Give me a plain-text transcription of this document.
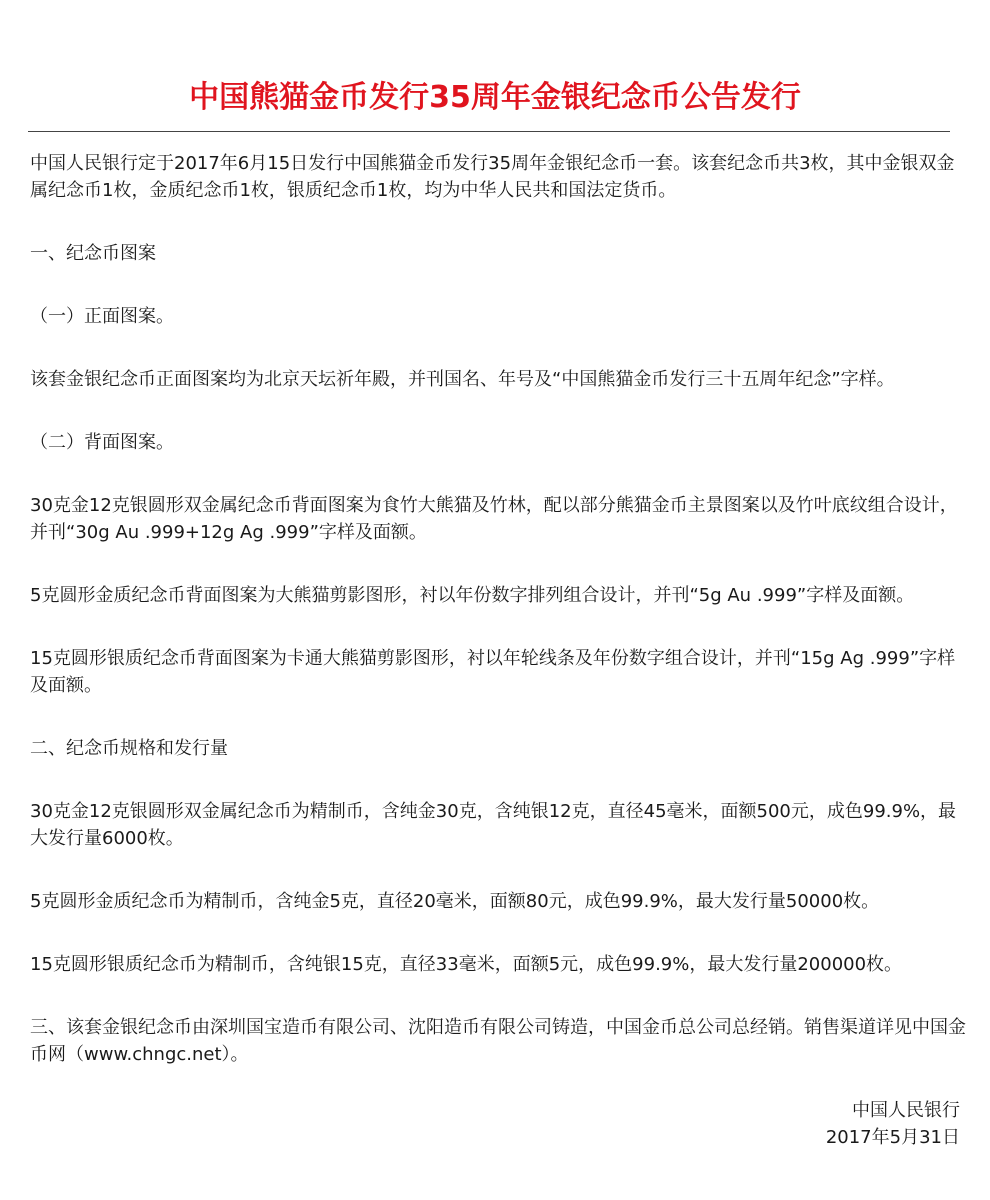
中国熊猫金币发行35周年金银纪念币公告发行

中国人民银行定于2017年6月15日发行中国熊猫金币发行35周年金银纪念币一套。该套纪念币共3枚，其中金银双金属纪念币1枚，金质纪念币1枚，银质纪念币1枚，均为中华人民共和国法定货币。

一、纪念币图案

（一）正面图案。

该套金银纪念币正面图案均为北京天坛祈年殿，并刊国名、年号及“中国熊猫金币发行三十五周年纪念”字样。

（二）背面图案。

30克金12克银圆形双金属纪念币背面图案为食竹大熊猫及竹林，配以部分熊猫金币主景图案以及竹叶底纹组合设计，并刊“30g Au .999+12g Ag .999”字样及面额。

5克圆形金质纪念币背面图案为大熊猫剪影图形，衬以年份数字排列组合设计，并刊“5g Au .999”字样及面额。

15克圆形银质纪念币背面图案为卡通大熊猫剪影图形，衬以年轮线条及年份数字组合设计，并刊“15g Ag .999”字样及面额。

二、纪念币规格和发行量

30克金12克银圆形双金属纪念币为精制币，含纯金30克，含纯银12克，直径45毫米，面额500元，成色99.9%，最大发行量6000枚。

5克圆形金质纪念币为精制币，含纯金5克，直径20毫米，面额80元，成色99.9%，最大发行量50000枚。

15克圆形银质纪念币为精制币，含纯银15克，直径33毫米，面额5元，成色99.9%，最大发行量200000枚。

三、该套金银纪念币由深圳国宝造币有限公司、沈阳造币有限公司铸造，中国金币总公司总经销。销售渠道详见中国金币网（www.chngc.net）。

中国人民银行
2017年5月31日
